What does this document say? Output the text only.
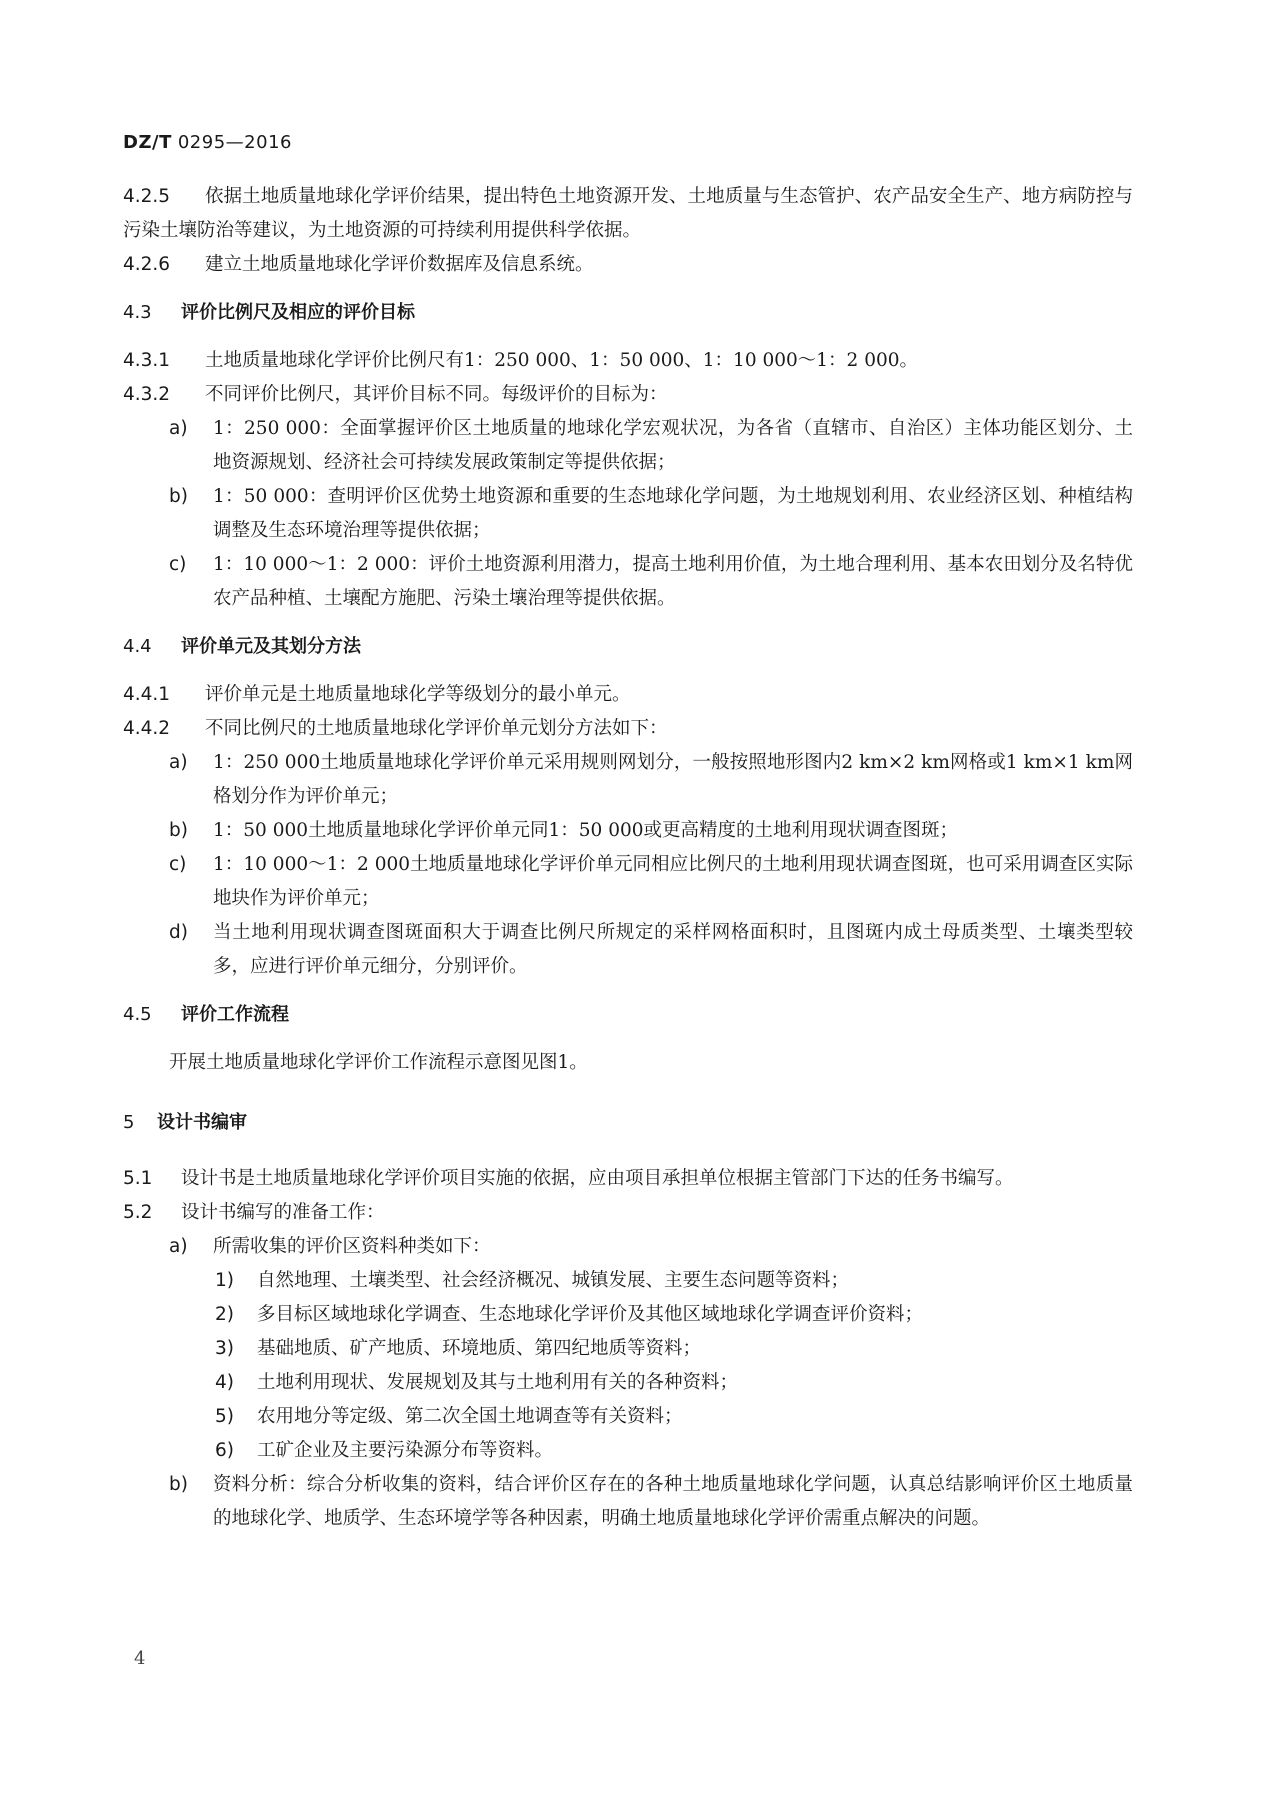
DZ/T 0295—2016

4.2.5 依据土地质量地球化学评价结果，提出特色土地资源开发、土地质量与生态管护、农产品安全生产、地方病防控与污染土壤防治等建议，为土地资源的可持续利用提供科学依据。

4.2.6 建立土地质量地球化学评价数据库及信息系统。

4.3 评价比例尺及相应的评价目标

4.3.1 土地质量地球化学评价比例尺有1：250 000、1：50 000、1：10 000～1：2 000。

4.3.2 不同评价比例尺，其评价目标不同。每级评价的目标为：

a) 1：250 000：全面掌握评价区土地质量的地球化学宏观状况，为各省（直辖市、自治区）主体功能区划分、土地资源规划、经济社会可持续发展政策制定等提供依据；
b) 1：50 000：查明评价区优势土地资源和重要的生态地球化学问题，为土地规划利用、农业经济区划、种植结构调整及生态环境治理等提供依据；
c) 1：10 000～1：2 000：评价土地资源利用潜力，提高土地利用价值，为土地合理利用、基本农田划分及名特优农产品种植、土壤配方施肥、污染土壤治理等提供依据。
4.4 评价单元及其划分方法

4.4.1 评价单元是土地质量地球化学等级划分的最小单元。

4.4.2 不同比例尺的土地质量地球化学评价单元划分方法如下：

a) 1：250 000土地质量地球化学评价单元采用规则网划分，一般按照地形图内2 km×2 km网格或1 km×1 km网格划分作为评价单元；
b) 1：50 000土地质量地球化学评价单元同1：50 000或更高精度的土地利用现状调查图斑；
c) 1：10 000～1：2 000土地质量地球化学评价单元同相应比例尺的土地利用现状调查图斑，也可采用调查区实际地块作为评价单元；
d) 当土地利用现状调查图斑面积大于调查比例尺所规定的采样网格面积时，且图斑内成土母质类型、土壤类型较多，应进行评价单元细分，分别评价。
4.5 评价工作流程

开展土地质量地球化学评价工作流程示意图见图1。

5 设计书编审

5.1 设计书是土地质量地球化学评价项目实施的依据，应由项目承担单位根据主管部门下达的任务书编写。

5.2 设计书编写的准备工作：

a) 所需收集的评价区资料种类如下：
1) 自然地理、土壤类型、社会经济概况、城镇发展、主要生态问题等资料；
2) 多目标区域地球化学调查、生态地球化学评价及其他区域地球化学调查评价资料；
3) 基础地质、矿产地质、环境地质、第四纪地质等资料；
4) 土地利用现状、发展规划及其与土地利用有关的各种资料；
5) 农用地分等定级、第二次全国土地调查等有关资料；
6) 工矿企业及主要污染源分布等资料。
b) 资料分析：综合分析收集的资料，结合评价区存在的各种土地质量地球化学问题，认真总结影响评价区土地质量的地球化学、地质学、生态环境学等各种因素，明确土地质量地球化学评价需重点解决的问题。
4
